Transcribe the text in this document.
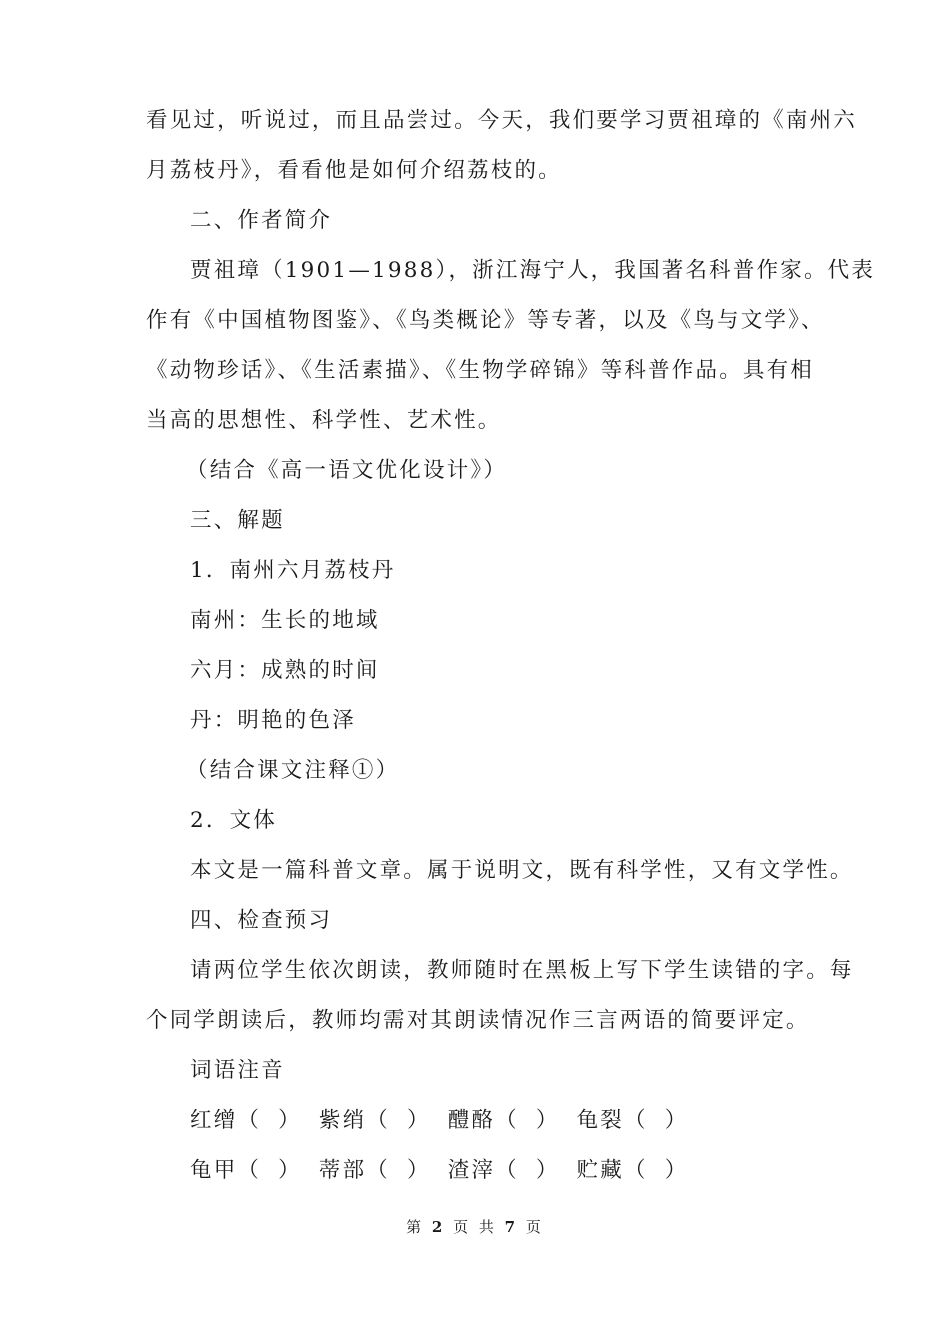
看见过，听说过，而且品尝过。今天，我们要学习贾祖璋的《南州六
月荔枝丹》，看看他是如何介绍荔枝的。
二、作者简介
贾祖璋（1901—1988），浙江海宁人，我国著名科普作家。代表
作有《中国植物图鉴》、《鸟类概论》等专著，以及《鸟与文学》、
《动物珍话》、《生活素描》、《生物学碎锦》等科普作品。具有相
当高的思想性、科学性、艺术性。
（结合《高一语文优化设计》）
三、解题
1．南州六月荔枝丹
南州：生长的地域
六月：成熟的时间
丹：明艳的色泽
（结合课文注释①）
2．文体
本文是一篇科普文章。属于说明文，既有科学性，又有文学性。
四、检查预习
请两位学生依次朗读，教师随时在黑板上写下学生读错的字。每
个同学朗读后，教师均需对其朗读情况作三言两语的简要评定。
词语注音
红缯（ ） 紫绡（ ） 醴酪（ ） 龟裂（ ）
龟甲（ ） 蒂部（ ） 渣滓（ ） 贮藏（ ）
第 2 页 共 7 页
